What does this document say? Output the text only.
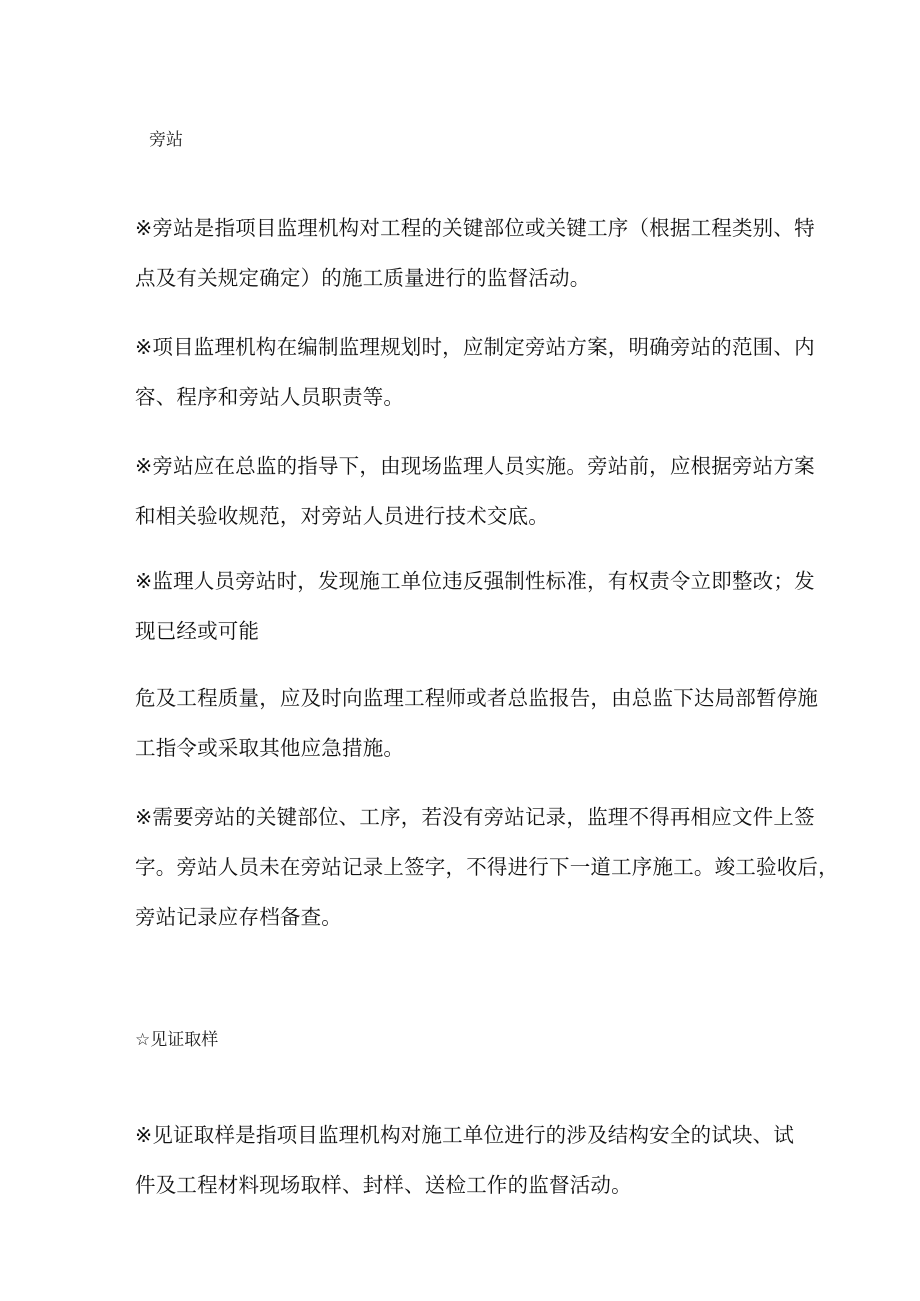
旁站
※旁站是指项目监理机构对工程的关键部位或关键工序（根据工程类别、特
点及有关规定确定）的施工质量进行的监督活动。
※项目监理机构在编制监理规划时，应制定旁站方案，明确旁站的范围、内
容、程序和旁站人员职责等。
※旁站应在总监的指导下，由现场监理人员实施。旁站前，应根据旁站方案
和相关验收规范，对旁站人员进行技术交底。
※监理人员旁站时，发现施工单位违反强制性标准，有权责令立即整改；发
现已经或可能
危及工程质量，应及时向监理工程师或者总监报告，由总监下达局部暂停施
工指令或采取其他应急措施。
※需要旁站的关键部位、工序，若没有旁站记录，监理不得再相应文件上签
字。旁站人员未在旁站记录上签字，不得进行下一道工序施工。竣工验收后，
旁站记录应存档备查。
☆见证取样
※见证取样是指项目监理机构对施工单位进行的涉及结构安全的试块、试
件及工程材料现场取样、封样、送检工作的监督活动。
